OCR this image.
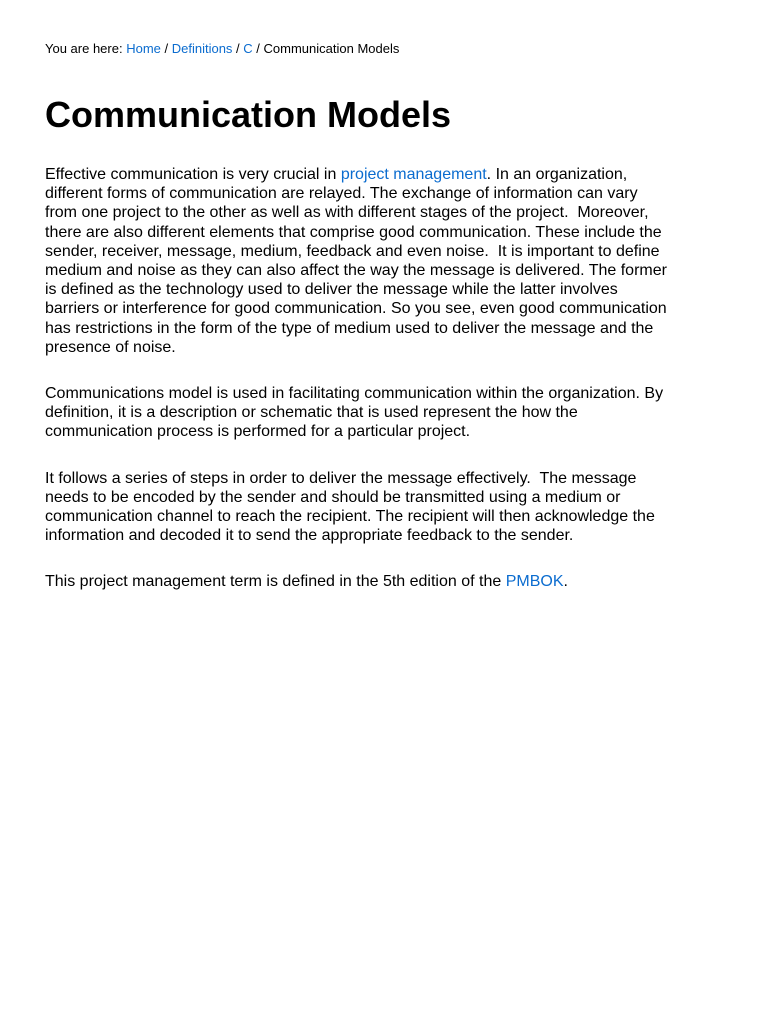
You are here: Home / Definitions / C / Communication Models
Communication Models

Effective communication is very crucial in project management. In an organization,
different forms of communication are relayed. The exchange of information can vary
from one project to the other as well as with different stages of the project.  Moreover,
there are also different elements that comprise good communication. These include the
sender, receiver, message, medium, feedback and even noise.  It is important to define
medium and noise as they can also affect the way the message is delivered. The former
is defined as the technology used to deliver the message while the latter involves
barriers or interference for good communication. So you see, even good communication
has restrictions in the form of the type of medium used to deliver the message and the
presence of noise.

Communications model is used in facilitating communication within the organization. By
definition, it is a description or schematic that is used represent the how the
communication process is performed for a particular project.

It follows a series of steps in order to deliver the message effectively.  The message
needs to be encoded by the sender and should be transmitted using a medium or
communication channel to reach the recipient. The recipient will then acknowledge the
information and decoded it to send the appropriate feedback to the sender.

This project management term is defined in the 5th edition of the PMBOK.
